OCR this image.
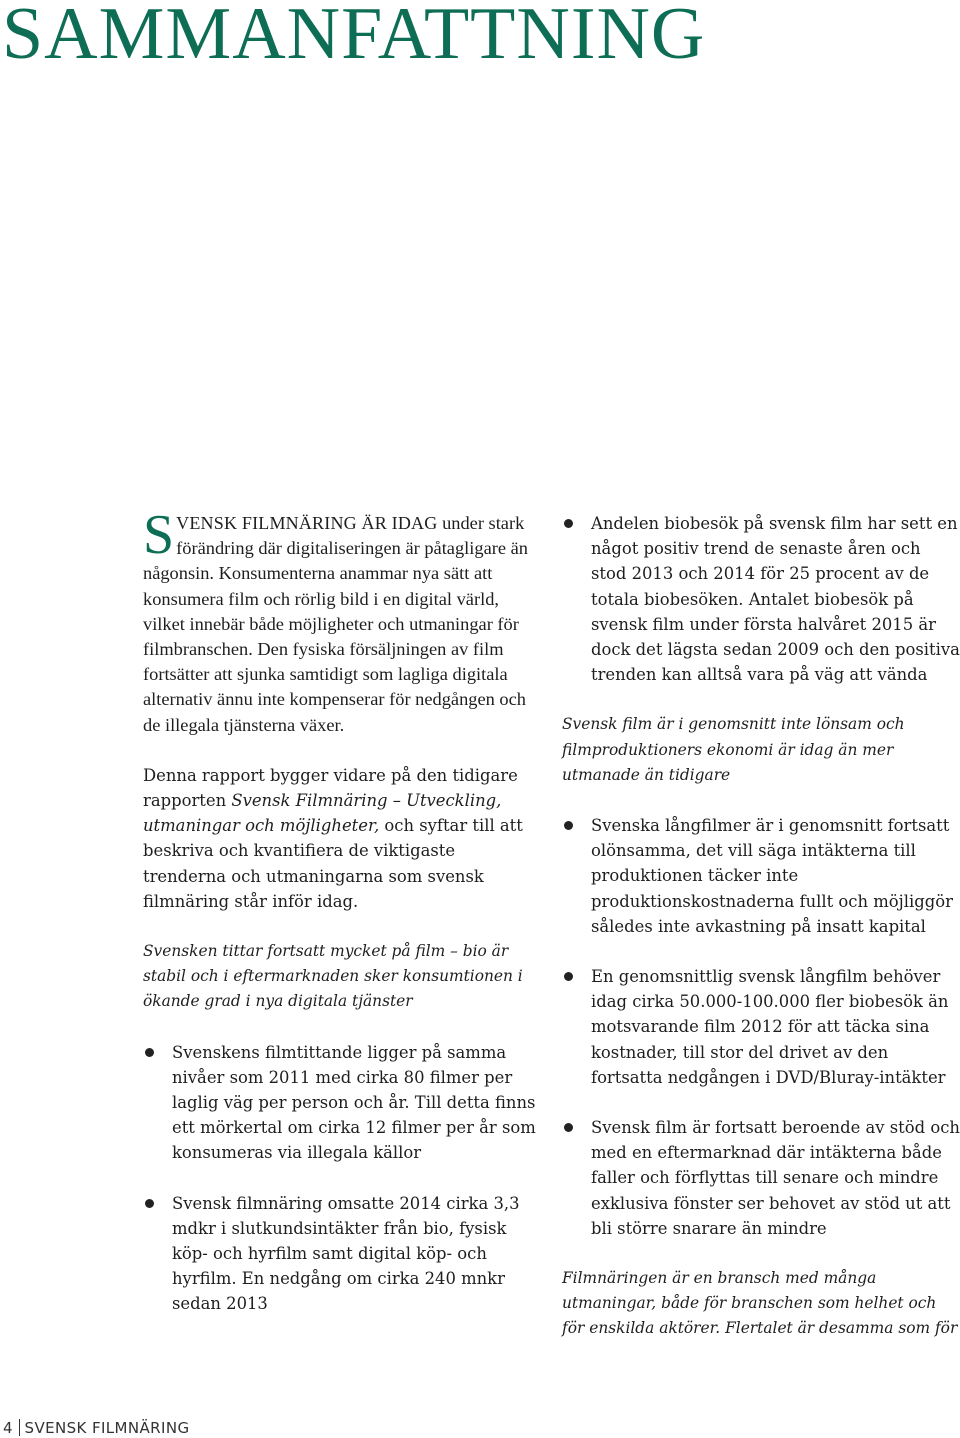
SAMMANFATTNING

SVENSK FILMNÄRING ÄR IDAG under stark förändring där digitaliseringen är påtagligare än någonsin. Konsumenterna anammar nya sätt att konsumera film och rörlig bild i en digital värld, vilket innebär både möjligheter och utmaningar för filmbranschen. Den fysiska försäljningen av film fortsätter att sjunka samtidigt som lagliga digitala alternativ ännu inte kompenserar för nedgången och de illegala tjänsterna växer.

Denna rapport bygger vidare på den tidigare rapporten Svensk Filmnäring – Utveckling, utmaningar och möjligheter, och syftar till att beskriva och kvantifiera de viktigaste trenderna och utmaningarna som svensk filmnäring står inför idag.

Svensken tittar fortsatt mycket på film – bio är stabil och i eftermarknaden sker konsumtionen i ökande grad i nya digitala tjänster

Svenskens filmtittande ligger på samma nivåer som 2011 med cirka 80 filmer per laglig väg per person och år. Till detta finns ett mörkertal om cirka 12 filmer per år som konsumeras via illegala källor
Svensk filmnäring omsatte 2014 cirka 3,3 mdkr i slutkundsintäkter från bio, fysisk köp- och hyrfilm samt digital köp- och hyrfilm. En nedgång om cirka 240 mnkr sedan 2013
Andelen biobesök på svensk film har sett en något positiv trend de senaste åren och stod 2013 och 2014 för 25 procent av de totala biobesöken. Antalet biobesök på svensk film under första halvåret 2015 är dock det lägsta sedan 2009 och den positiva trenden kan alltså vara på väg att vända

Svensk film är i genomsnitt inte lönsam och filmproduktioners ekonomi är idag än mer utmanade än tidigare

Svenska långfilmer är i genomsnitt fortsatt olönsamma, det vill säga intäkterna till produktionen täcker inte produktionskostnaderna fullt och möjliggör således inte avkastning på insatt kapital
En genomsnittlig svensk långfilm behöver idag cirka 50.000-100.000 fler biobesök än motsvarande film 2012 för att täcka sina kostnader, till stor del drivet av den fortsatta nedgången i DVD/Bluray-intäkter
Svensk film är fortsatt beroende av stöd och med en eftermarknad där intäkterna både faller och förflyttas till senare och mindre exklusiva fönster ser behovet av stöd ut att bli större snarare än mindre

Filmnäringen är en bransch med många utmaningar, både för branschen som helhet och för enskilda aktörer. Flertalet är desamma som för

4 SVENSK FILMNÄRING
